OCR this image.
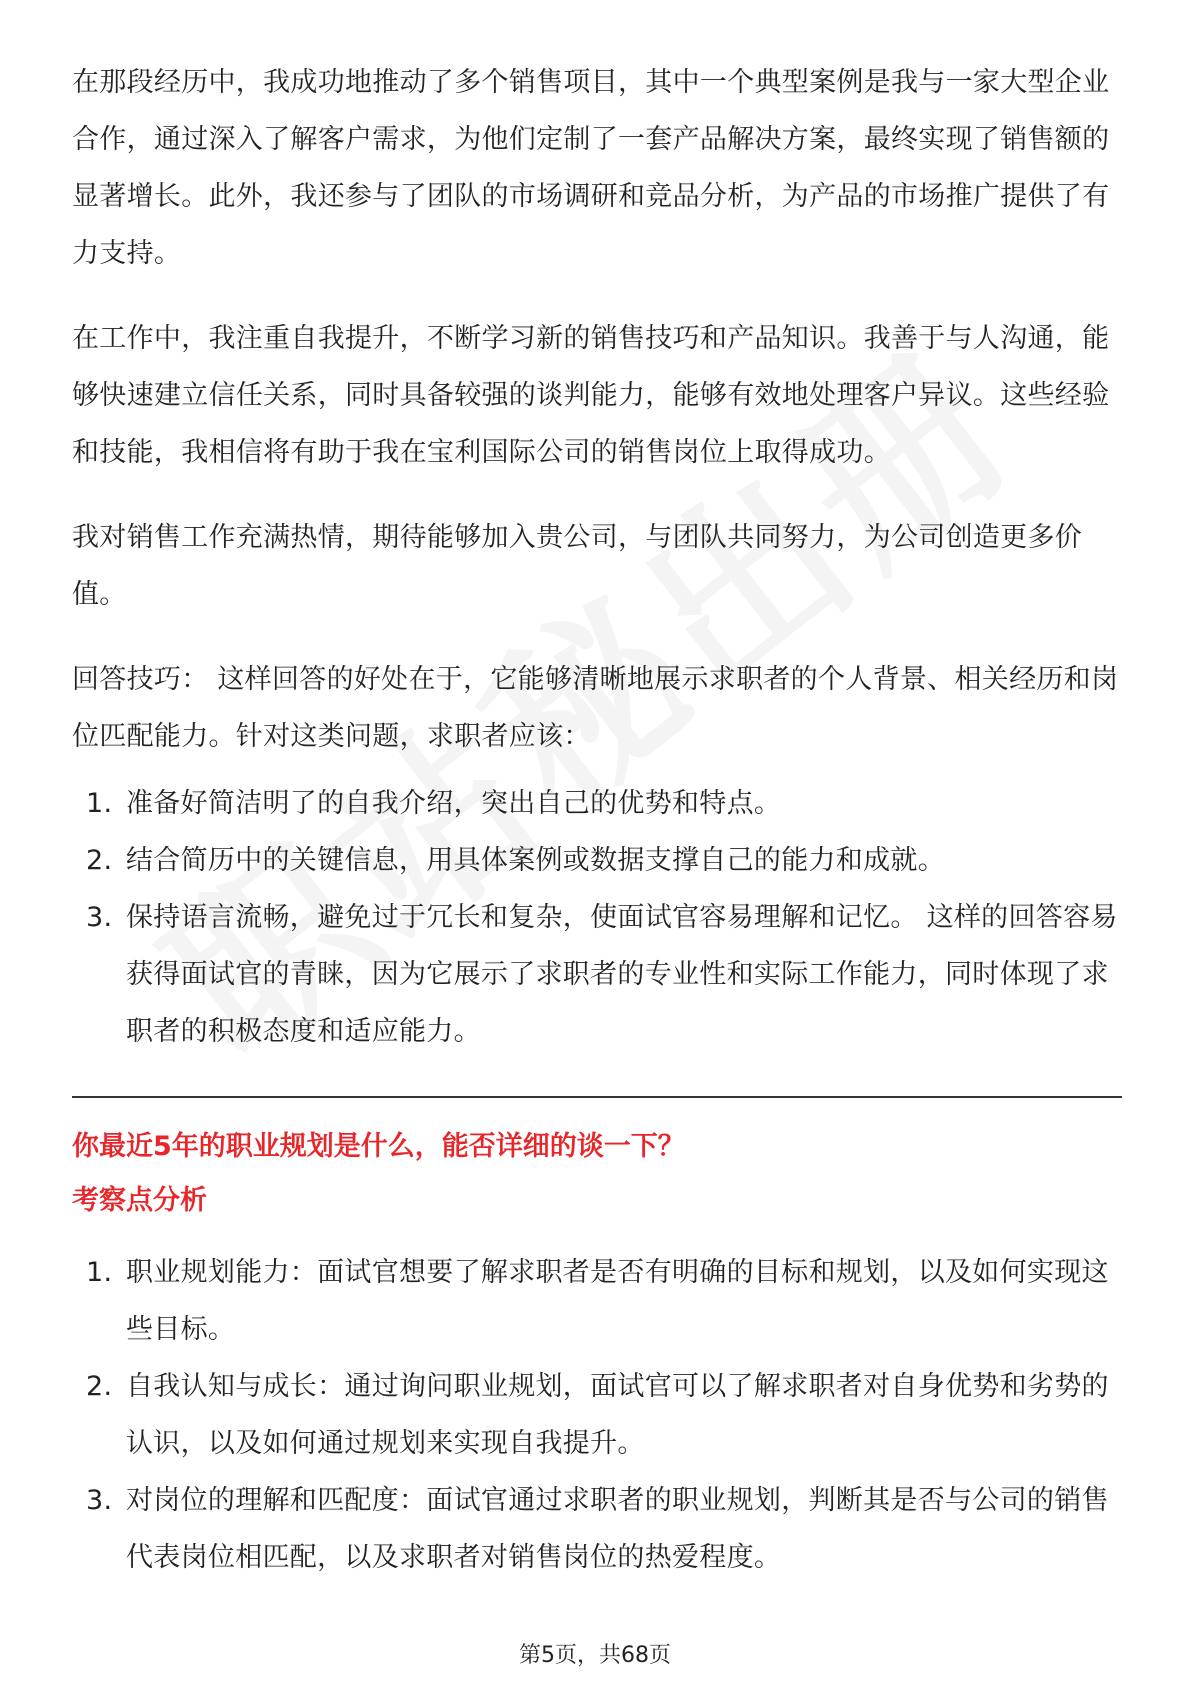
在那段经历中，我成功地推动了多个销售项目，其中一个典型案例是我与一家大型企业合作，通过深入了解客户需求，为他们定制了一套产品解决方案，最终实现了销售额的显著增长。此外，我还参与了团队的市场调研和竞品分析，为产品的市场推广提供了有力支持。

在工作中，我注重自我提升，不断学习新的销售技巧和产品知识。我善于与人沟通，能够快速建立信任关系，同时具备较强的谈判能力，能够有效地处理客户异议。这些经验和技能，我相信将有助于我在宝利国际公司的销售岗位上取得成功。

我对销售工作充满热情，期待能够加入贵公司，与团队共同努力，为公司创造更多价值。

回答技巧： 这样回答的好处在于，它能够清晰地展示求职者的个人背景、相关经历和岗位匹配能力。针对这类问题，求职者应该：

1. 准备好简洁明了的自我介绍，突出自己的优势和特点。
2. 结合简历中的关键信息，用具体案例或数据支撑自己的能力和成就。
3. 保持语言流畅，避免过于冗长和复杂，使面试官容易理解和记忆。 这样的回答容易获得面试官的青睐，因为它展示了求职者的专业性和实际工作能力，同时体现了求职者的积极态度和适应能力。
你最近5年的职业规划是什么，能否详细的谈一下？
考察点分析
1. 职业规划能力：面试官想要了解求职者是否有明确的目标和规划，以及如何实现这些目标。
2. 自我认知与成长：通过询问职业规划，面试官可以了解求职者对自身优势和劣势的认识，以及如何通过规划来实现自我提升。
3. 对岗位的理解和匹配度：面试官通过求职者的职业规划，判断其是否与公司的销售代表岗位相匹配，以及求职者对销售岗位的热爱程度。
第5页，共68页
